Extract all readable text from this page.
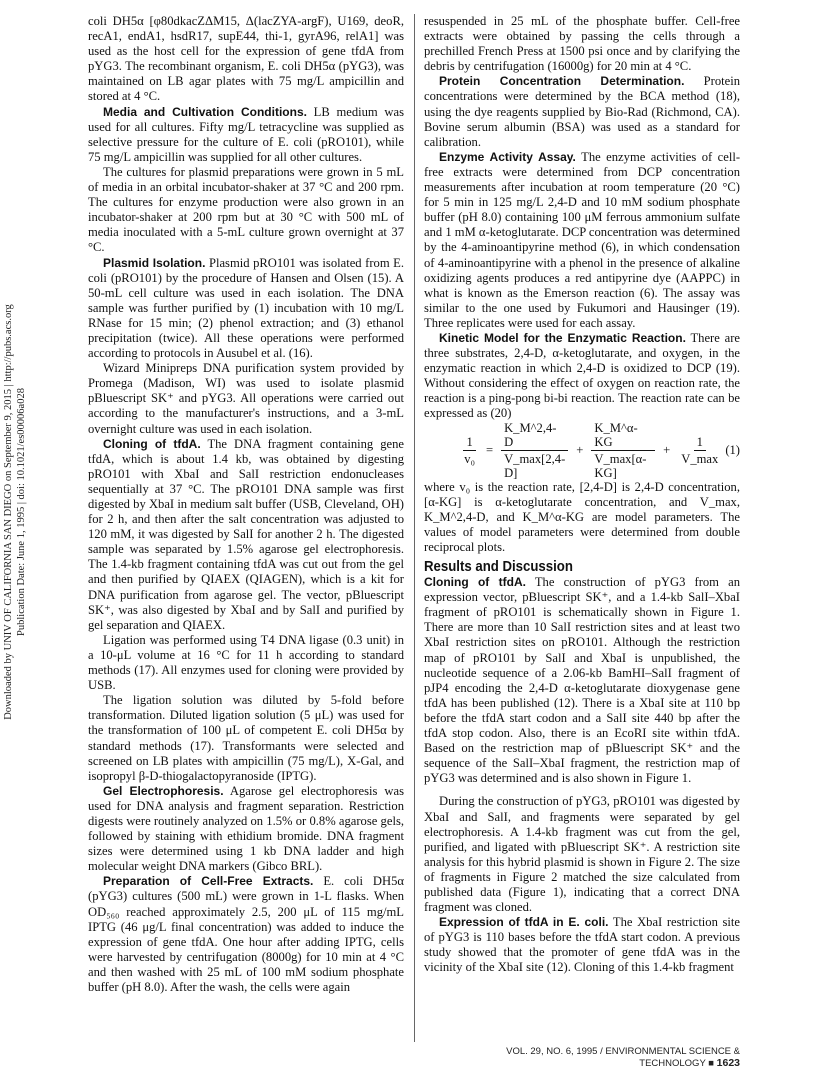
Downloaded by UNIV OF CALIFORNIA SAN DIEGO on September 9, 2015 | http://pubs.acs.org Publication Date: June 1, 1995 | doi: 10.1021/es00006a028

coli DH5α [φ80dkacZΔM15, Δ(lacZYA-argF), U169, deoR, recA1, endA1, hsdR17, supE44, thi-1, gyrA96, relA1] was used as the host cell for the expression of gene tfdA from pYG3. The recombinant organism, E. coli DH5α (pYG3), was maintained on LB agar plates with 75 mg/L ampicillin and stored at 4 °C.

Media and Cultivation Conditions. LB medium was used for all cultures. Fifty mg/L tetracycline was supplied as selective pressure for the culture of E. coli (pRO101), while 75 mg/L ampicillin was supplied for all other cultures.

The cultures for plasmid preparations were grown in 5 mL of media in an orbital incubator-shaker at 37 °C and 200 rpm. The cultures for enzyme production were also grown in an incubator-shaker at 200 rpm but at 30 °C with 500 mL of media inoculated with a 5-mL culture grown overnight at 37 °C.

Plasmid Isolation. Plasmid pRO101 was isolated from E. coli (pRO101) by the procedure of Hansen and Olsen (15). A 50-mL cell culture was used in each isolation. The DNA sample was further purified by (1) incubation with 10 mg/L RNase for 15 min; (2) phenol extraction; and (3) ethanol precipitation (twice). All these operations were performed according to protocols in Ausubel et al. (16).

Wizard Minipreps DNA purification system provided by Promega (Madison, WI) was used to isolate plasmid pBluescript SK⁺ and pYG3. All operations were carried out according to the manufacturer's instructions, and a 3-mL overnight culture was used in each isolation.

Cloning of tfdA. The DNA fragment containing gene tfdA, which is about 1.4 kb, was obtained by digesting pRO101 with XbaI and SalI restriction endonucleases sequentially at 37 °C. The pRO101 DNA sample was first digested by XbaI in medium salt buffer (USB, Cleveland, OH) for 2 h, and then after the salt concentration was adjusted to 120 mM, it was digested by SalI for another 2 h. The digested sample was separated by 1.5% agarose gel electrophoresis. The 1.4-kb fragment containing tfdA was cut out from the gel and then purified by QIAEX (QIAGEN), which is a kit for DNA purification from agarose gel. The vector, pBluescript SK⁺, was also digested by XbaI and by SalI and purified by gel separation and QIAEX.

Ligation was performed using T4 DNA ligase (0.3 unit) in a 10-μL volume at 16 °C for 11 h according to standard methods (17). All enzymes used for cloning were provided by USB.

The ligation solution was diluted by 5-fold before transformation. Diluted ligation solution (5 μL) was used for the transformation of 100 μL of competent E. coli DH5α by standard methods (17). Transformants were selected and screened on LB plates with ampicillin (75 mg/L), X-Gal, and isopropyl β-D-thiogalactopyranoside (IPTG).

Gel Electrophoresis. Agarose gel electrophoresis was used for DNA analysis and fragment separation. Restriction digests were routinely analyzed on 1.5% or 0.8% agarose gels, followed by staining with ethidium bromide. DNA fragment sizes were determined using 1 kb DNA ladder and high molecular weight DNA markers (Gibco BRL).

Preparation of Cell-Free Extracts. E. coli DH5α (pYG3) cultures (500 mL) were grown in 1-L flasks. When OD₅₆₀ reached approximately 2.5, 200 μL of 115 mg/mL IPTG (46 μg/L final concentration) was added to induce the expression of gene tfdA. One hour after adding IPTG, cells were harvested by centrifugation (8000g) for 10 min at 4 °C and then washed with 25 mL of 100 mM sodium phosphate buffer (pH 8.0). After the wash, the cells were again

resuspended in 25 mL of the phosphate buffer. Cell-free extracts were obtained by passing the cells through a prechilled French Press at 1500 psi once and by clarifying the debris by centrifugation (16000g) for 20 min at 4 °C.

Protein Concentration Determination. Protein concentrations were determined by the BCA method (18), using the dye reagents supplied by Bio-Rad (Richmond, CA). Bovine serum albumin (BSA) was used as a standard for calibration.

Enzyme Activity Assay. The enzyme activities of cell-free extracts were determined from DCP concentration measurements after incubation at room temperature (20 °C) for 5 min in 125 mg/L 2,4-D and 10 mM sodium phosphate buffer (pH 8.0) containing 100 μM ferrous ammonium sulfate and 1 mM α-ketoglutarate. DCP concentration was determined by the 4-aminoantipyrine method (6), in which condensation of 4-aminoantipyrine with a phenol in the presence of alkaline oxidizing agents produces a red antipyrine dye (AAPPC) in what is known as the Emerson reaction (6). The assay was similar to the one used by Fukumori and Hausinger (19). Three replicates were used for each assay.

Kinetic Model for the Enzymatic Reaction. There are three substrates, 2,4-D, α-ketoglutarate, and oxygen, in the enzymatic reaction in which 2,4-D is oxidized to DCP (19). Without considering the effect of oxygen on reaction rate, the reaction is a ping-pong bi-bi reaction. The reaction rate can be expressed as (20)

$\frac{1}{\text{v₀}} = \frac{K\_M\^{}2,4-D}{V\_\max[2,4-D]} + \frac{K\_M\^{}\alpha-KG}{V\_\max[\alpha-KG]} + \frac{1}{V\_\max} (1)$

where v₀ is the reaction rate, [2,4-D] is 2,4-D concentration, [α-KG] is α-ketoglutarate concentration, and V_max, K_M^2,4-D, and K_M^α-KG are model parameters. The values of model parameters were determined from double reciprocal plots.

Results and Discussion

Cloning of tfdA. The construction of pYG3 from an expression vector, pBluescript SK⁺, and a 1.4-kb SalI–XbaI fragment of pRO101 is schematically shown in Figure 1. There are more than 10 SalI restriction sites and at least two XbaI restriction sites on pRO101. Although the restriction map of pRO101 by SalI and XbaI is unpublished, the nucleotide sequence of a 2.06-kb BamHI–SalI fragment of pJP4 encoding the 2,4-D α-ketoglutarate dioxygenase gene tfdA has been published (12). There is a XbaI site at 110 bp before the tfdA start codon and a SalI site 440 bp after the tfdA stop codon. Also, there is an EcoRI site within tfdA. Based on the restriction map of pBluescript SK⁺ and the sequence of the SalI–XbaI fragment, the restriction map of pYG3 was determined and is also shown in Figure 1.

During the construction of pYG3, pRO101 was digested by XbaI and SalI, and fragments were separated by gel electrophoresis. A 1.4-kb fragment was cut from the gel, purified, and ligated with pBluescript SK⁺. A restriction site analysis for this hybrid plasmid is shown in Figure 2. The size of fragments in Figure 2 matched the size calculated from published data (Figure 1), indicating that a correct DNA fragment was cloned.

Expression of tfdA in E. coli. The XbaI restriction site of pYG3 is 110 bases before the tfdA start codon. A previous study showed that the promoter of gene tfdA was in the vicinity of the XbaI site (12). Cloning of this 1.4-kb fragment

VOL. 29, NO. 6, 1995 / ENVIRONMENTAL SCIENCE & TECHNOLOGY ■ 1623
